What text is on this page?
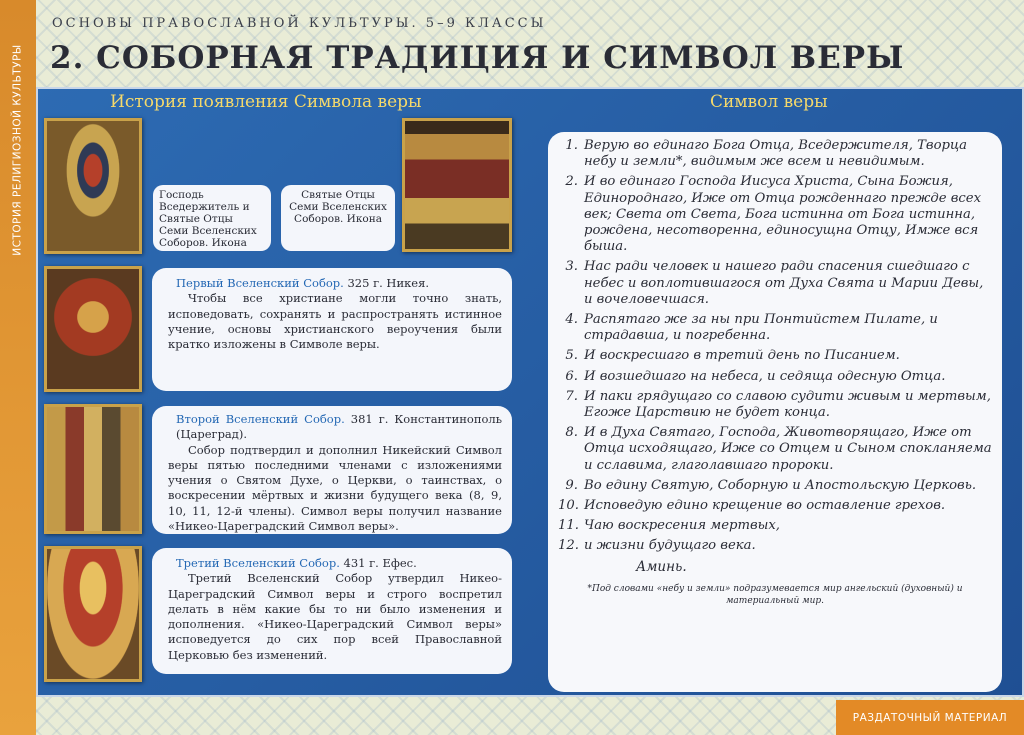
ИСТОРИЯ РЕЛИГИОЗНОЙ КУЛЬТУРЫ
ОСНОВЫ ПРАВОСЛАВНОЙ КУЛЬТУРЫ. 5–9 КЛАССЫ
2. СОБОРНАЯ ТРАДИЦИЯ И СИМВОЛ ВЕРЫ
История появления Символа веры	Символ веры
Господь Вседержитель и Святые Отцы Семи Вселенских Соборов. Икона
Святые Отцы Семи Вселенских Соборов. Икона
Первый Вселенский Собор. 325 г. Никея.
Чтобы все христиане могли точно знать, исповедовать, сохранять и распространять истинное учение, основы христианского вероучения были кратко изложены в Символе веры.
Второй Вселенский Собор. 381 г. Константинополь (Цареград).
Собор подтвердил и дополнил Никейский Символ веры пятью последними членами с изложениями учения о Святом Духе, о Церкви, о таинствах, о воскресении мёртвых и жизни будущего века (8, 9, 10, 11, 12-й члены). Символ веры получил название «Никео-Цареградский Символ веры».
Третий Вселенский Собор. 431 г. Ефес.
Третий Вселенский Собор утвердил Никео-Цареградский Символ веры и строго воспретил делать в нём какие бы то ни было изменения и дополнения. «Никео-Цареградский Символ веры» исповедуется до сих пор всей Православной Церковью без изменений.
1. Верую во единаго Бога Отца, Вседержителя, Творца небу и земли*, видимым же всем и невидимым.
2. И во единаго Господа Иисуса Христа, Сына Божия, Единороднаго, Иже от Отца рожденнаго прежде всех век; Света от Света, Бога истинна от Бога истинна, рождена, несотворенна, единосущна Отцу, Имже вся быша.
3. Нас ради человек и нашего ради спасения сшедшаго с небес и воплотившагося от Духа Свята и Марии Девы, и вочеловечшася.
4. Распятаго же за ны при Понтийстем Пилате, и страдавша, и погребенна.
5. И воскресшаго в третий день по Писанием.
6. И возшедшаго на небеса, и седяща одесную Отца.
7. И паки грядущаго со славою судити живым и мертвым, Егоже Царствию не будет конца.
8. И в Духа Святаго, Господа, Животворящаго, Иже от Отца исходящаго, Иже со Отцем и Сыном спокланяема и сславима, глаголавшаго пророки.
9. Во едину Святую, Соборную и Апостольскую Церковь.
10. Исповедую едино крещение во оставление грехов.
11. Чаю воскресения мертвых,
12. и жизни будущаго века.
Аминь.
*Под словами «небу и земли» подразумевается мир ангельский (духовный) и материальный мир.
РАЗДАТОЧНЫЙ МАТЕРИАЛ
